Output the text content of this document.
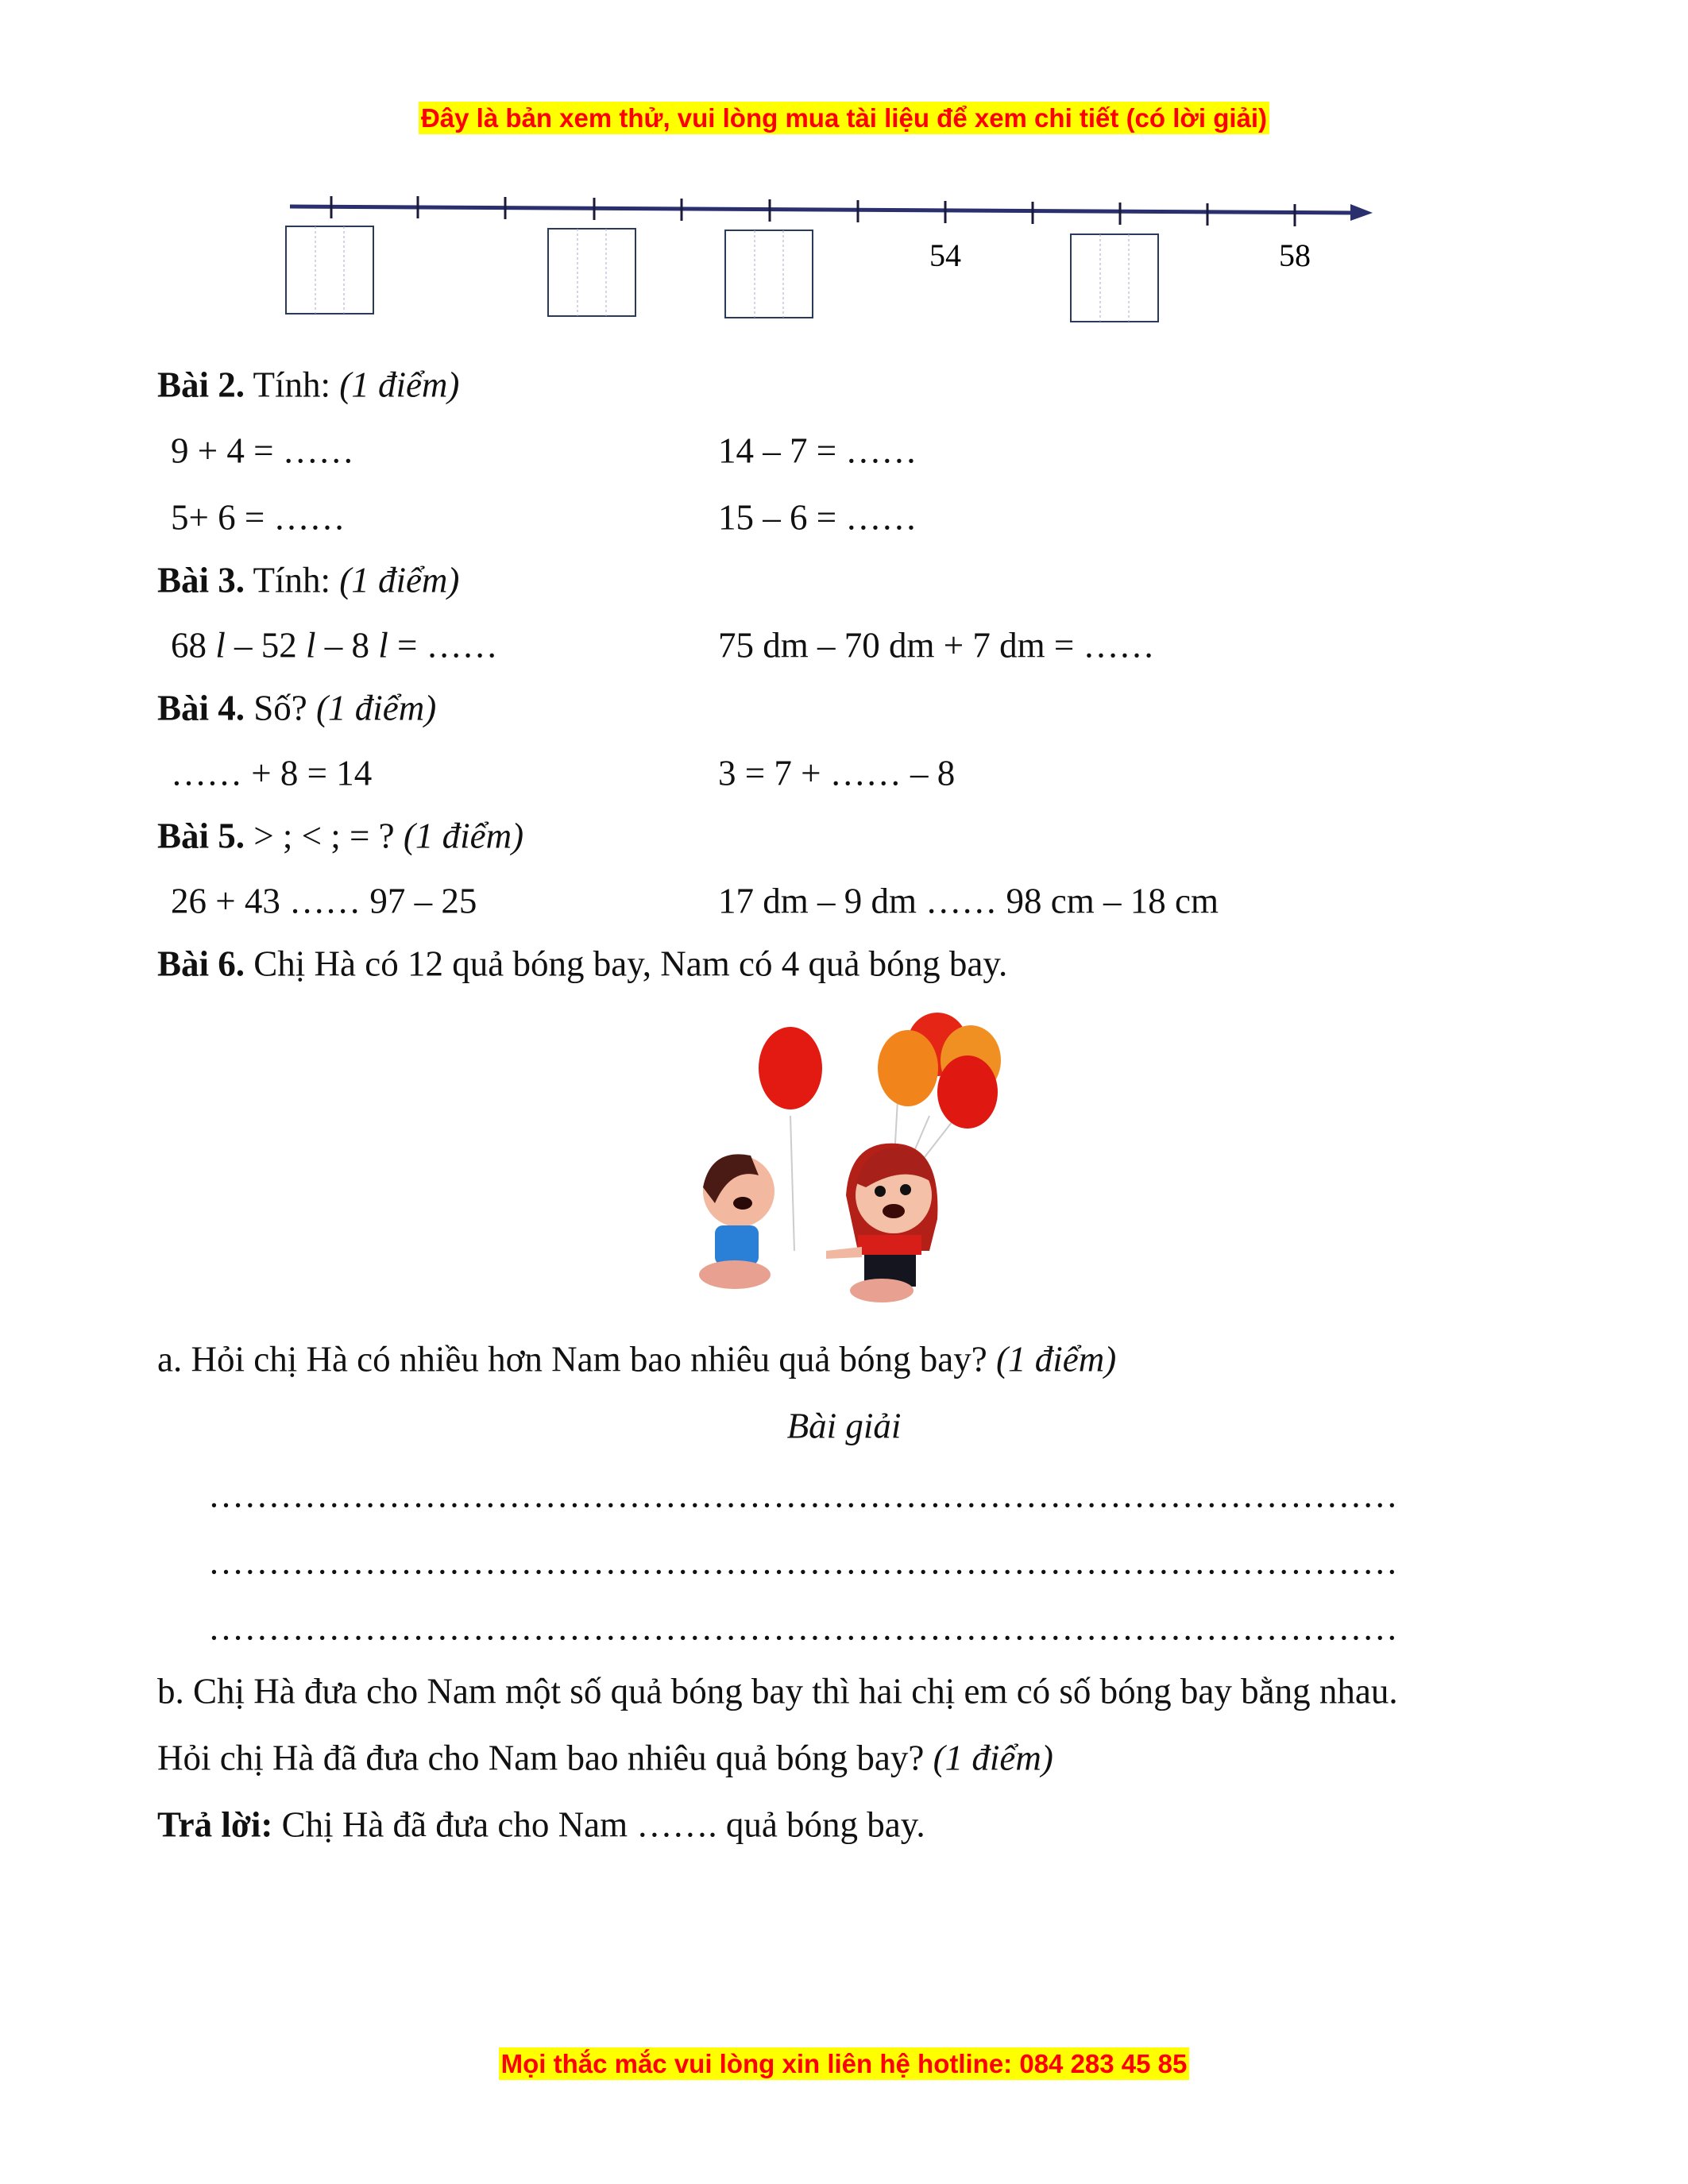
Đây là bản xem thử, vui lòng mua tài liệu để xem chi tiết (có lời giải)
54	58
Bài 2. Tính: (1 điểm)
9 + 4 = ……	14 – 7 = ……
5+ 6 = ……	15 – 6 = ……
Bài 3. Tính: (1 điểm)
68 l – 52 l – 8 l = ……	75 dm – 70 dm + 7 dm = ……
Bài 4. Số? (1 điểm)
…… + 8 = 14	3 = 7 + …… – 8
Bài 5. > ; < ; = ? (1 điểm)
26 + 43 …… 97 – 25	17 dm – 9 dm …… 98 cm – 18 cm
Bài 6. Chị Hà có 12 quả bóng bay, Nam có 4 quả bóng bay.
a. Hỏi chị Hà có nhiều hơn Nam bao nhiêu quả bóng bay? (1 điểm)
Bài giải
………………………………………………………………………………………
………………………………………………………………………………………
………………………………………………………………………………………
b. Chị Hà đưa cho Nam một số quả bóng bay thì hai chị em có số bóng bay bằng nhau.
Hỏi chị Hà đã đưa cho Nam bao nhiêu quả bóng bay? (1 điểm)
Trả lời: Chị Hà đã đưa cho Nam ……. quả bóng bay.
Mọi thắc mắc vui lòng xin liên hệ hotline: 084 283 45 85
